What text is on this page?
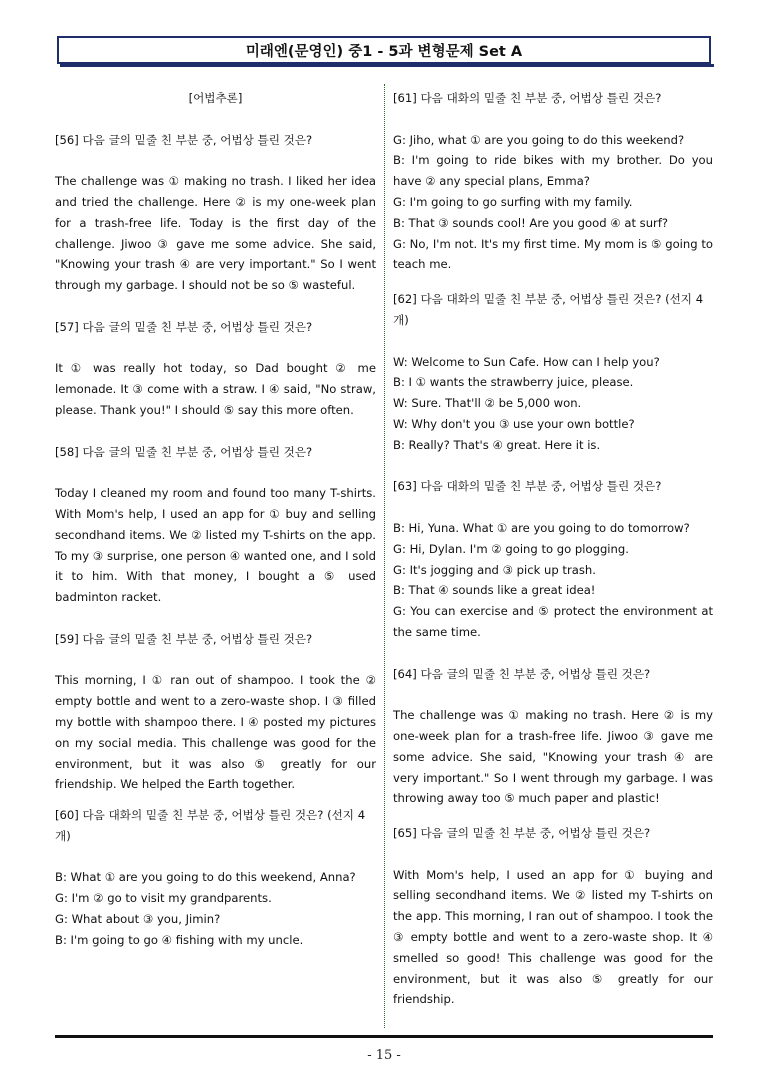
미래엔(문영인) 중1 - 5과 변형문제 Set A

[어법추론]

[56] 다음 글의 밑줄 친 부분 중, 어법상 틀린 것은?

The challenge was ① making no trash. I liked her idea and tried the challenge. Here ② is my one-week plan for a trash-free life. Today is the first day of the challenge. Jiwoo ③ gave me some advice. She said, "Knowing your trash ④ are very important." So I went through my garbage. I should not be so ⑤ wasteful.

[57] 다음 글의 밑줄 친 부분 중, 어법상 틀린 것은?

It ① was really hot today, so Dad bought ② me lemonade. It ③ come with a straw. I ④ said, "No straw, please. Thank you!" I should ⑤ say this more often.

[58] 다음 글의 밑줄 친 부분 중, 어법상 틀린 것은?

Today I cleaned my room and found too many T-shirts. With Mom's help, I used an app for ① buy and selling secondhand items. We ② listed my T-shirts on the app. To my ③ surprise, one person ④ wanted one, and I sold it to him. With that money, I bought a ⑤ used badminton racket.

[59] 다음 글의 밑줄 친 부분 중, 어법상 틀린 것은?

This morning, I ① ran out of shampoo. I took the ② empty bottle and went to a zero-waste shop. I ③ filled my bottle with shampoo there. I ④ posted my pictures on my social media. This challenge was good for the environment, but it was also ⑤ greatly for our friendship. We helped the Earth together.

[60] 다음 대화의 밑줄 친 부분 중, 어법상 틀린 것은? (선지 4개)

B: What ① are you going to do this weekend, Anna?

G: I'm ② go to visit my grandparents.

G: What about ③ you, Jimin?

B: I'm going to go ④ fishing with my uncle.

[61] 다음 대화의 밑줄 친 부분 중, 어법상 틀린 것은?

G: Jiho, what ① are you going to do this weekend?

B: I'm going to ride bikes with my brother. Do you have ② any special plans, Emma?

G: I'm going to go surfing with my family.

B: That ③ sounds cool! Are you good ④ at surf?

G: No, I'm not. It's my first time. My mom is ⑤ going to teach me.

[62] 다음 대화의 밑줄 친 부분 중, 어법상 틀린 것은? (선지 4개)

W: Welcome to Sun Cafe. How can I help you?

B: I ① wants the strawberry juice, please.

W: Sure. That'll ② be 5,000 won.

W: Why don't you ③ use your own bottle?

B: Really? That's ④ great. Here it is.

[63] 다음 대화의 밑줄 친 부분 중, 어법상 틀린 것은?

B: Hi, Yuna. What ① are you going to do tomorrow?

G: Hi, Dylan. I'm ② going to go plogging.

G: It's jogging and ③ pick up trash.

B: That ④ sounds like a great idea!

G: You can exercise and ⑤ protect the environment at the same time.

[64] 다음 글의 밑줄 친 부분 중, 어법상 틀린 것은?

The challenge was ① making no trash. Here ② is my one-week plan for a trash-free life. Jiwoo ③ gave me some advice. She said, "Knowing your trash ④ are very important." So I went through my garbage. I was throwing away too ⑤ much paper and plastic!

[65] 다음 글의 밑줄 친 부분 중, 어법상 틀린 것은?

With Mom's help, I used an app for ① buying and selling secondhand items. We ② listed my T-shirts on the app. This morning, I ran out of shampoo. I took the ③ empty bottle and went to a zero-waste shop. It ④ smelled so good! This challenge was good for the environment, but it was also ⑤ greatly for our friendship.

- 15 -
